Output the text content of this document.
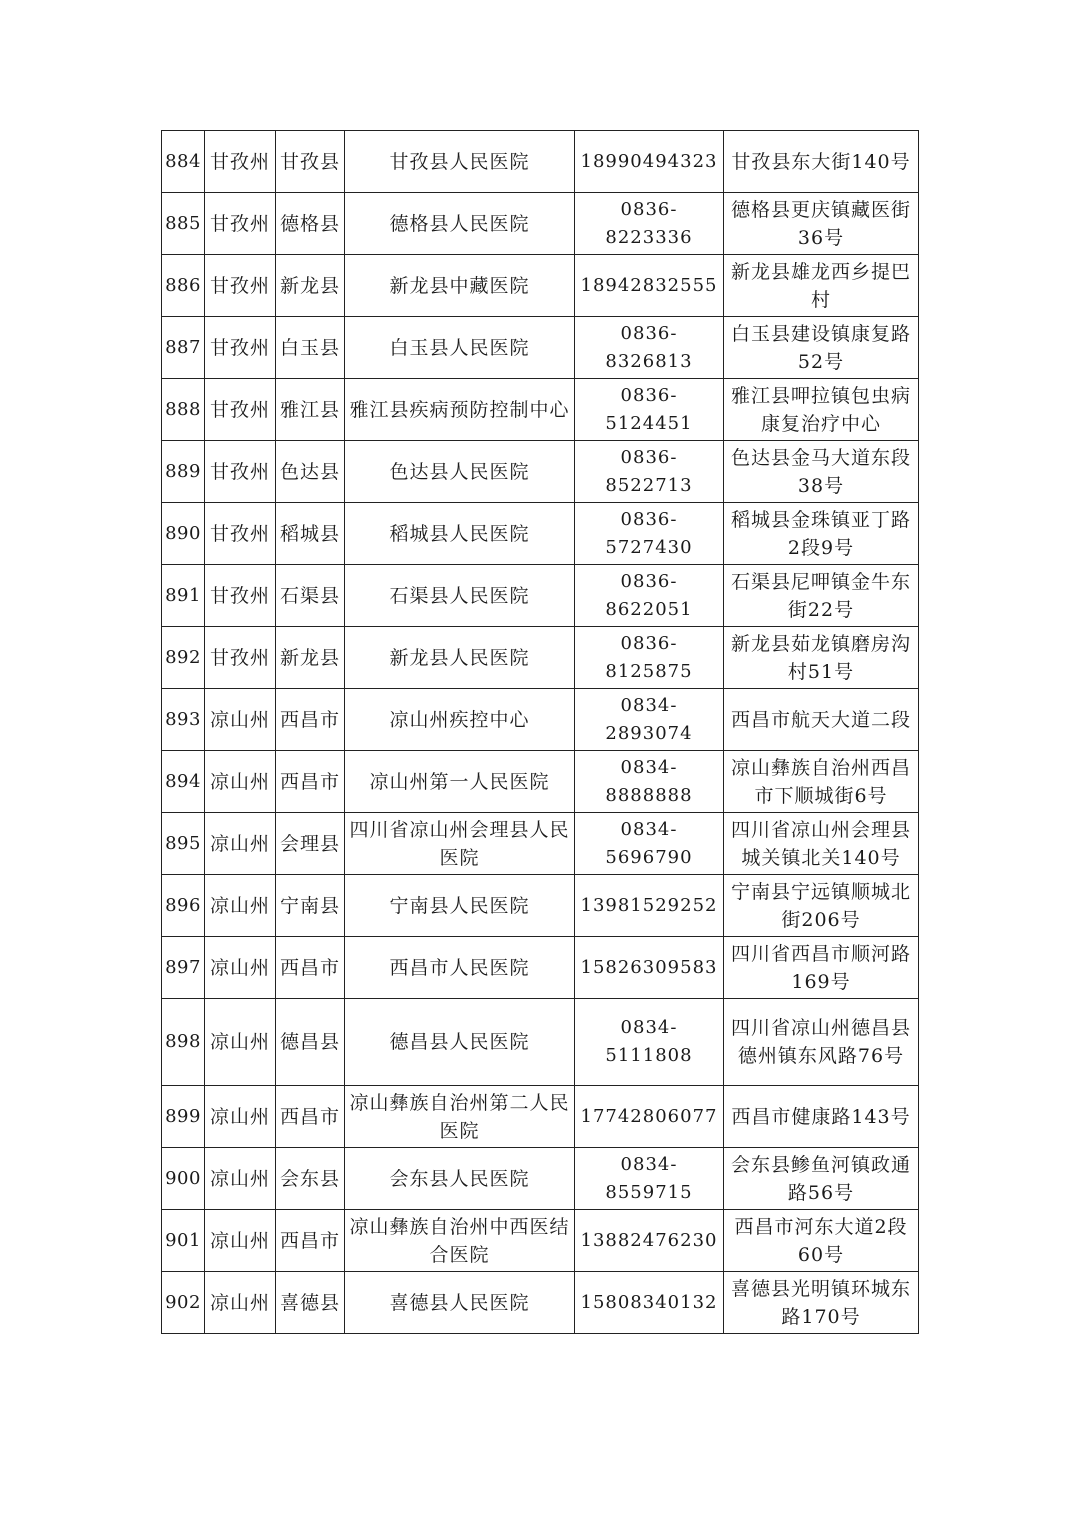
884	甘孜州	甘孜县	甘孜县人民医院	18990494323	甘孜县东大街140号
885	甘孜州	德格县	德格县人民医院	0836-8223336	德格县更庆镇藏医街36号
886	甘孜州	新龙县	新龙县中藏医院	18942832555	新龙县雄龙西乡提巴村
887	甘孜州	白玉县	白玉县人民医院	0836-8326813	白玉县建设镇康复路52号
888	甘孜州	雅江县	雅江县疾病预防控制中心	0836-5124451	雅江县呷拉镇包虫病康复治疗中心
889	甘孜州	色达县	色达县人民医院	0836-8522713	色达县金马大道东段38号
890	甘孜州	稻城县	稻城县人民医院	0836-5727430	稻城县金珠镇亚丁路2段9号
891	甘孜州	石渠县	石渠县人民医院	0836-8622051	石渠县尼呷镇金牛东街22号
892	甘孜州	新龙县	新龙县人民医院	0836-8125875	新龙县茹龙镇磨房沟村51号
893	凉山州	西昌市	凉山州疾控中心	0834-2893074	西昌市航天大道二段
894	凉山州	西昌市	凉山州第一人民医院	0834-8888888	凉山彝族自治州西昌市下顺城街6号
895	凉山州	会理县	四川省凉山州会理县人民医院	0834-5696790	四川省凉山州会理县城关镇北关140号
896	凉山州	宁南县	宁南县人民医院	13981529252	宁南县宁远镇顺城北街206号
897	凉山州	西昌市	西昌市人民医院	15826309583	四川省西昌市顺河路169号
898	凉山州	德昌县	德昌县人民医院	0834-5111808	四川省凉山州德昌县德州镇东风路76号
899	凉山州	西昌市	凉山彝族自治州第二人民医院	17742806077	西昌市健康路143号
900	凉山州	会东县	会东县人民医院	0834-8559715	会东县鲹鱼河镇政通路56号
901	凉山州	西昌市	凉山彝族自治州中西医结合医院	13882476230	西昌市河东大道2段60号
902	凉山州	喜德县	喜德县人民医院	15808340132	喜德县光明镇环城东路170号
